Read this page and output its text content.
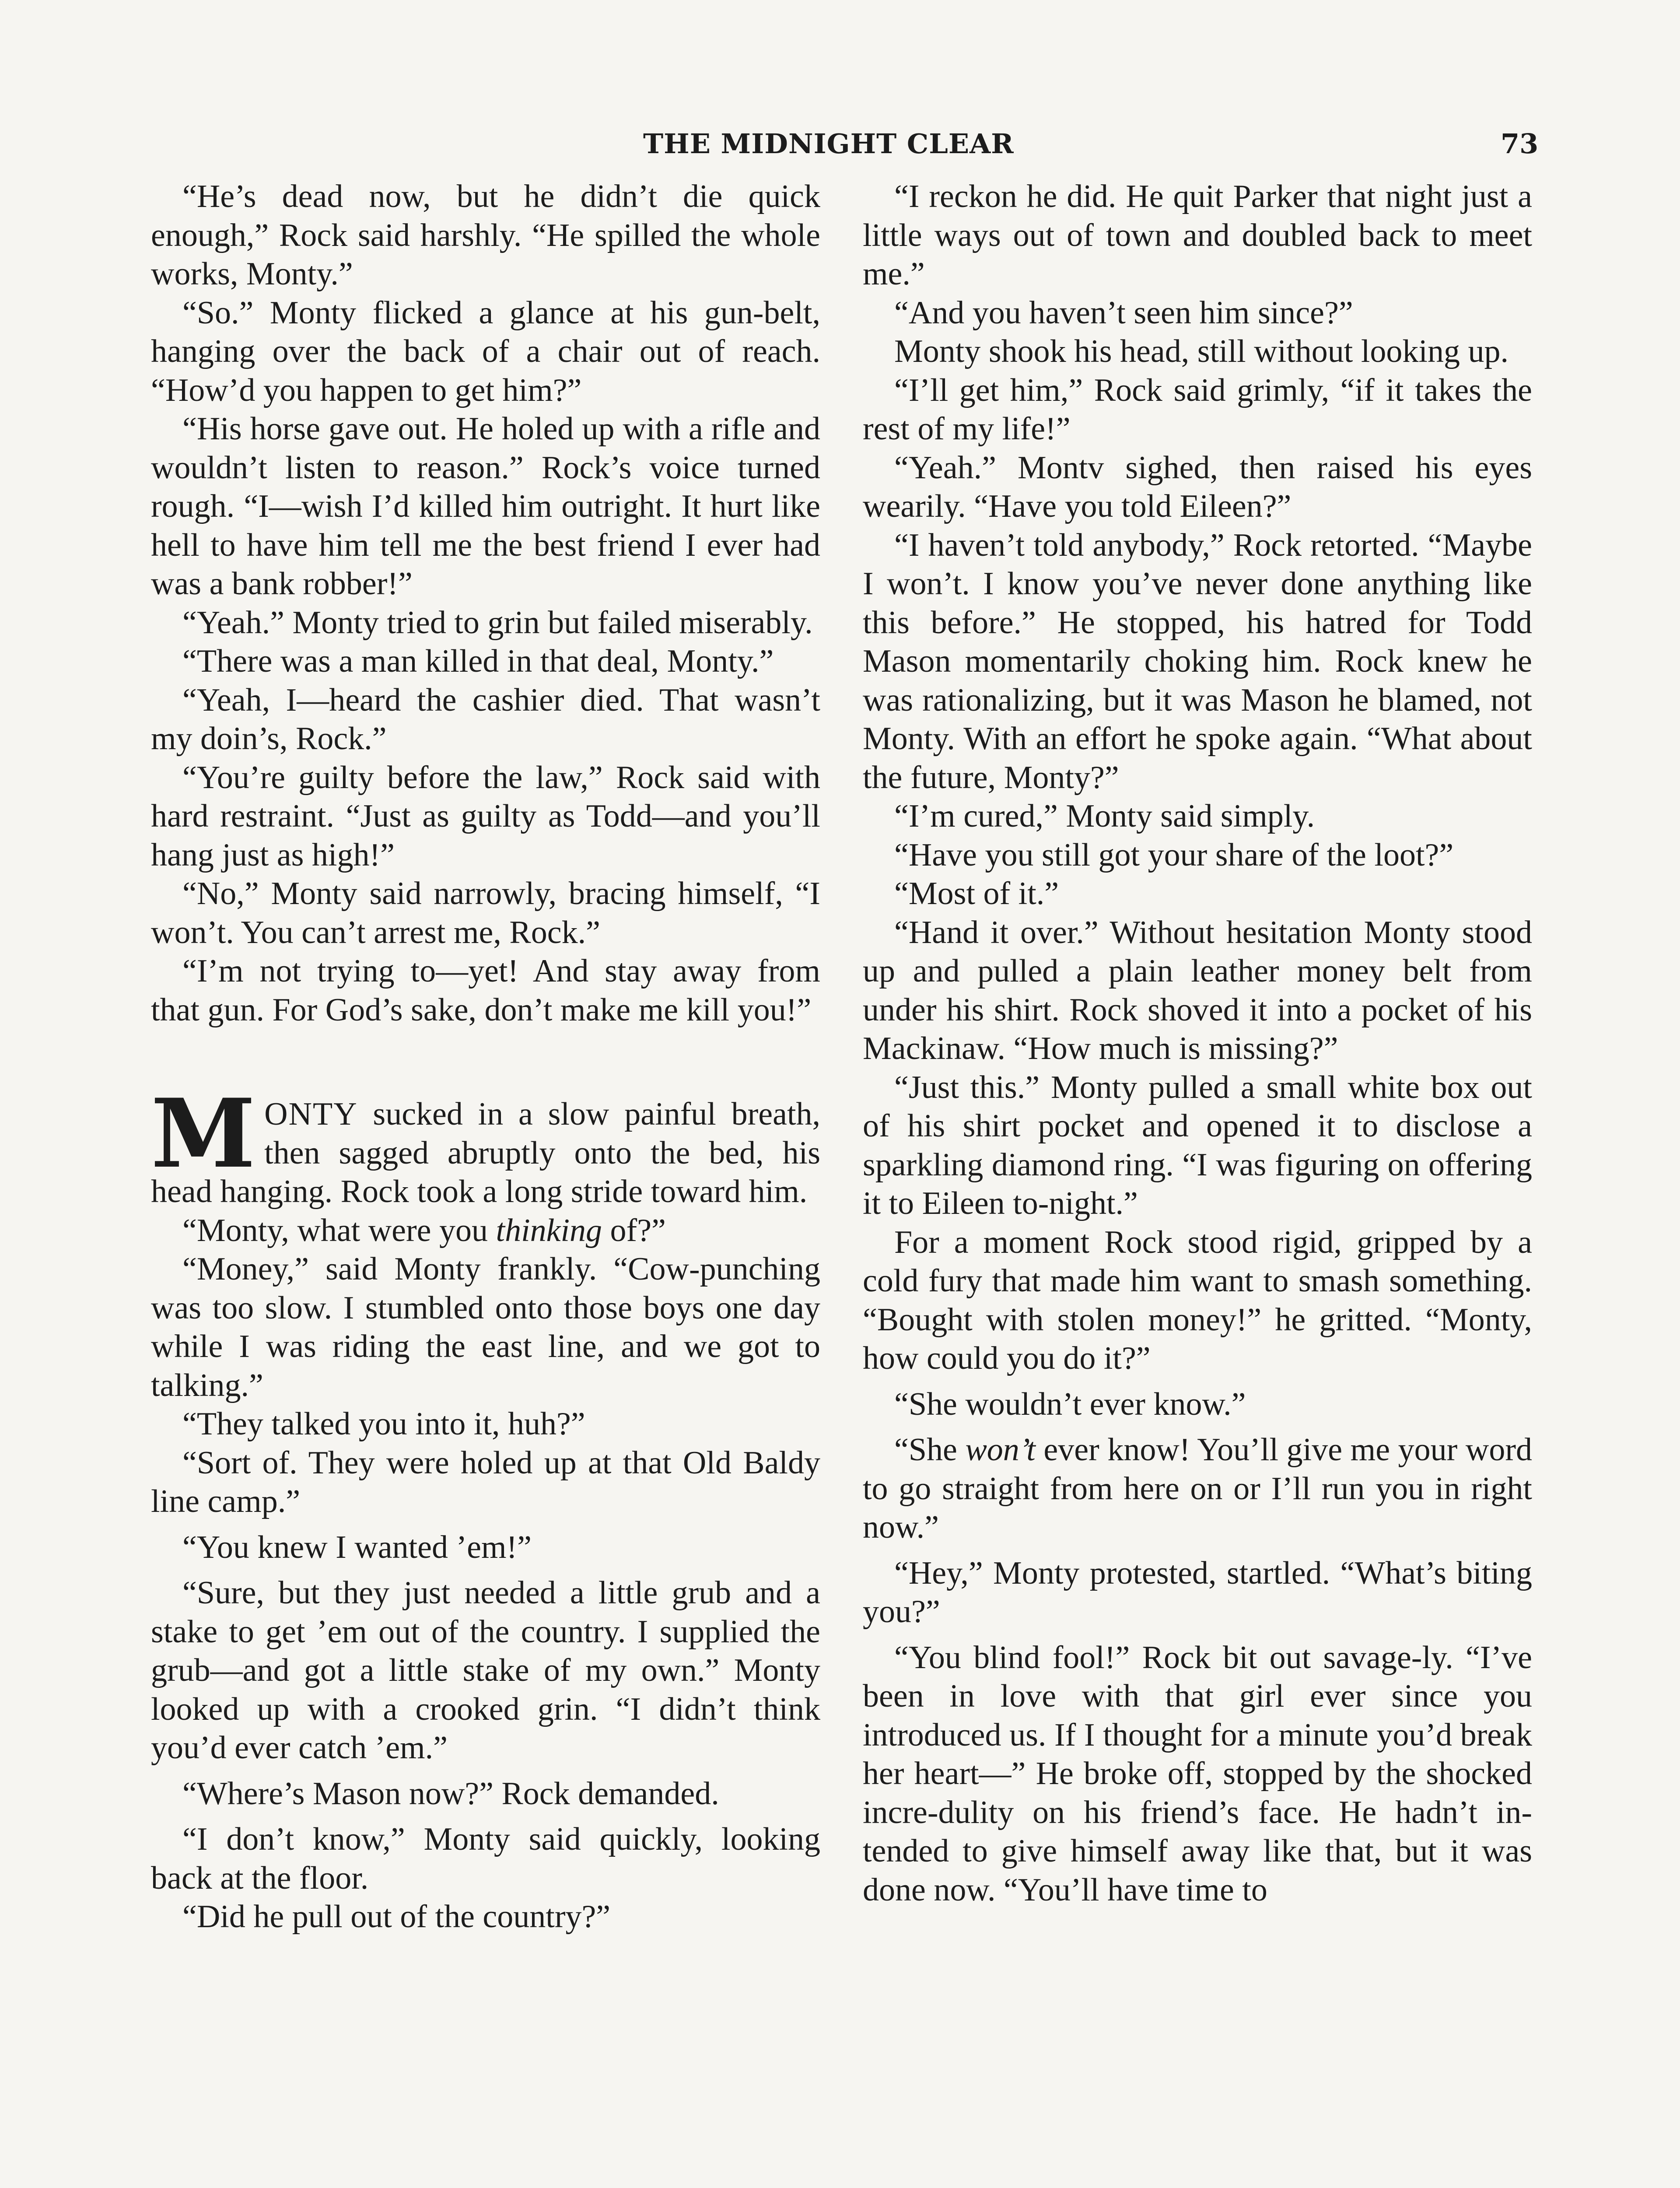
THE MIDNIGHT CLEAR	73

“He’s dead now, but he didn’t die quick enough,” Rock said harshly. “He spilled the whole works, Monty.”

“So.” Monty flicked a glance at his gun-belt, hanging over the back of a chair out of reach. “How’d you happen to get him?”

“His horse gave out. He holed up with a rifle and wouldn’t listen to reason.” Rock’s voice turned rough. “I—wish I’d killed him outright. It hurt like hell to have him tell me the best friend I ever had was a bank robber!”

“Yeah.” Monty tried to grin but failed miserably.

“There was a man killed in that deal, Monty.”

“Yeah, I—heard the cashier died. That wasn’t my doin’s, Rock.”

“You’re guilty before the law,” Rock said with hard restraint. “Just as guilty as Todd—and you’ll hang just as high!”

“No,” Monty said narrowly, bracing himself, “I won’t. You can’t arrest me, Rock.”

“I’m not trying to—yet! And stay away from that gun. For God’s sake, don’t make me kill you!”

MONTY sucked in a slow painful breath, then sagged abruptly onto the bed, his head hanging. Rock took a long stride toward him.

“Monty, what were you thinking of?”

“Money,” said Monty frankly. “Cow-punching was too slow. I stumbled onto those boys one day while I was riding the east line, and we got to talking.”

“They talked you into it, huh?”

“Sort of. They were holed up at that Old Baldy line camp.”

“You knew I wanted ’em!”

“Sure, but they just needed a little grub and a stake to get ’em out of the country. I supplied the grub—and got a little stake of my own.” Monty looked up with a crooked grin. “I didn’t think you’d ever catch ’em.”

“Where’s Mason now?” Rock demanded.

“I don’t know,” Monty said quickly, looking back at the floor.

“Did he pull out of the country?”

“I reckon he did. He quit Parker that night just a little ways out of town and doubled back to meet me.”

“And you haven’t seen him since?”

Monty shook his head, still without looking up.

“I’ll get him,” Rock said grimly, “if it takes the rest of my life!”

“Yeah.” Montv sighed, then raised his eyes wearily. “Have you told Eileen?”

“I haven’t told anybody,” Rock retorted. “Maybe I won’t. I know you’ve never done anything like this before.” He stopped, his hatred for Todd Mason momentarily choking him. Rock knew he was rationalizing, but it was Mason he blamed, not Monty. With an effort he spoke again. “What about the future, Monty?”

“I’m cured,” Monty said simply.

“Have you still got your share of the loot?”

“Most of it.”

“Hand it over.” Without hesitation Monty stood up and pulled a plain leather money belt from under his shirt. Rock shoved it into a pocket of his Mackinaw. “How much is missing?”

“Just this.” Monty pulled a small white box out of his shirt pocket and opened it to disclose a sparkling diamond ring. “I was figuring on offering it to Eileen to-night.”

For a moment Rock stood rigid, gripped by a cold fury that made him want to smash something. “Bought with stolen money!” he gritted. “Monty, how could you do it?”

“She wouldn’t ever know.”

“She won’t ever know! You’ll give me your word to go straight from here on or I’ll run you in right now.”

“Hey,” Monty protested, startled. “What’s biting you?”

“You blind fool!” Rock bit out savage-ly. “I’ve been in love with that girl ever since you introduced us. If I thought for a minute you’d break her heart—” He broke off, stopped by the shocked incre-dulity on his friend’s face. He hadn’t in-tended to give himself away like that, but it was done now. “You’ll have time to
